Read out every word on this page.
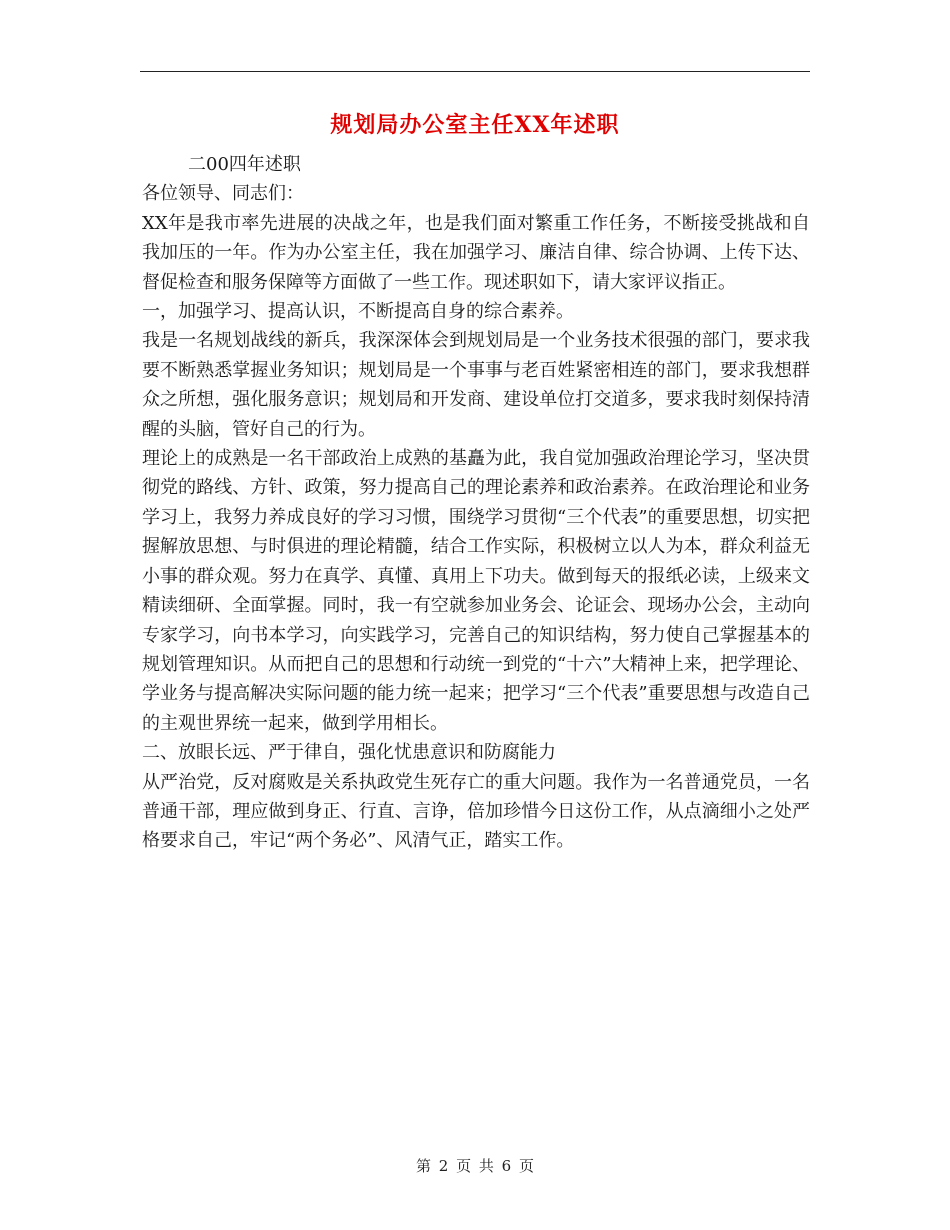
规划局办公室主任XX年述职

二00四年述职

各位领导、同志们：

XX年是我市率先进展的决战之年，也是我们面对繁重工作任务，不断接受挑战和自我加压的一年。作为办公室主任，我在加强学习、廉洁自律、综合协调、上传下达、督促检查和服务保障等方面做了一些工作。现述职如下，请大家评议指正。

一，加强学习、提高认识，不断提高自身的综合素养。

我是一名规划战线的新兵，我深深体会到规划局是一个业务技术很强的部门，要求我要不断熟悉掌握业务知识；规划局是一个事事与老百姓紧密相连的部门，要求我想群众之所想，强化服务意识；规划局和开发商、建设单位打交道多，要求我时刻保持清醒的头脑，管好自己的行为。

理论上的成熟是一名干部政治上成熟的基矗为此，我自觉加强政治理论学习，坚决贯彻党的路线、方针、政策，努力提高自己的理论素养和政治素养。在政治理论和业务学习上，我努力养成良好的学习习惯，围绕学习贯彻“三个代表”的重要思想，切实把握解放思想、与时俱进的理论精髓，结合工作实际，积极树立以人为本，群众利益无小事的群众观。努力在真学、真懂、真用上下功夫。做到每天的报纸必读，上级来文精读细研、全面掌握。同时，我一有空就参加业务会、论证会、现场办公会，主动向专家学习，向书本学习，向实践学习，完善自己的知识结构，努力使自己掌握基本的规划管理知识。从而把自己的思想和行动统一到党的“十六”大精神上来，把学理论、学业务与提高解决实际问题的能力统一起来；把学习“三个代表”重要思想与改造自己的主观世界统一起来，做到学用相长。

二、放眼长远、严于律自，强化忧患意识和防腐能力

从严治党，反对腐败是关系执政党生死存亡的重大问题。我作为一名普通党员，一名普通干部，理应做到身正、行直、言诤，倍加珍惜今日这份工作，从点滴细小之处严格要求自己，牢记“两个务必”、风清气正，踏实工作。

第 2 页 共 6 页
